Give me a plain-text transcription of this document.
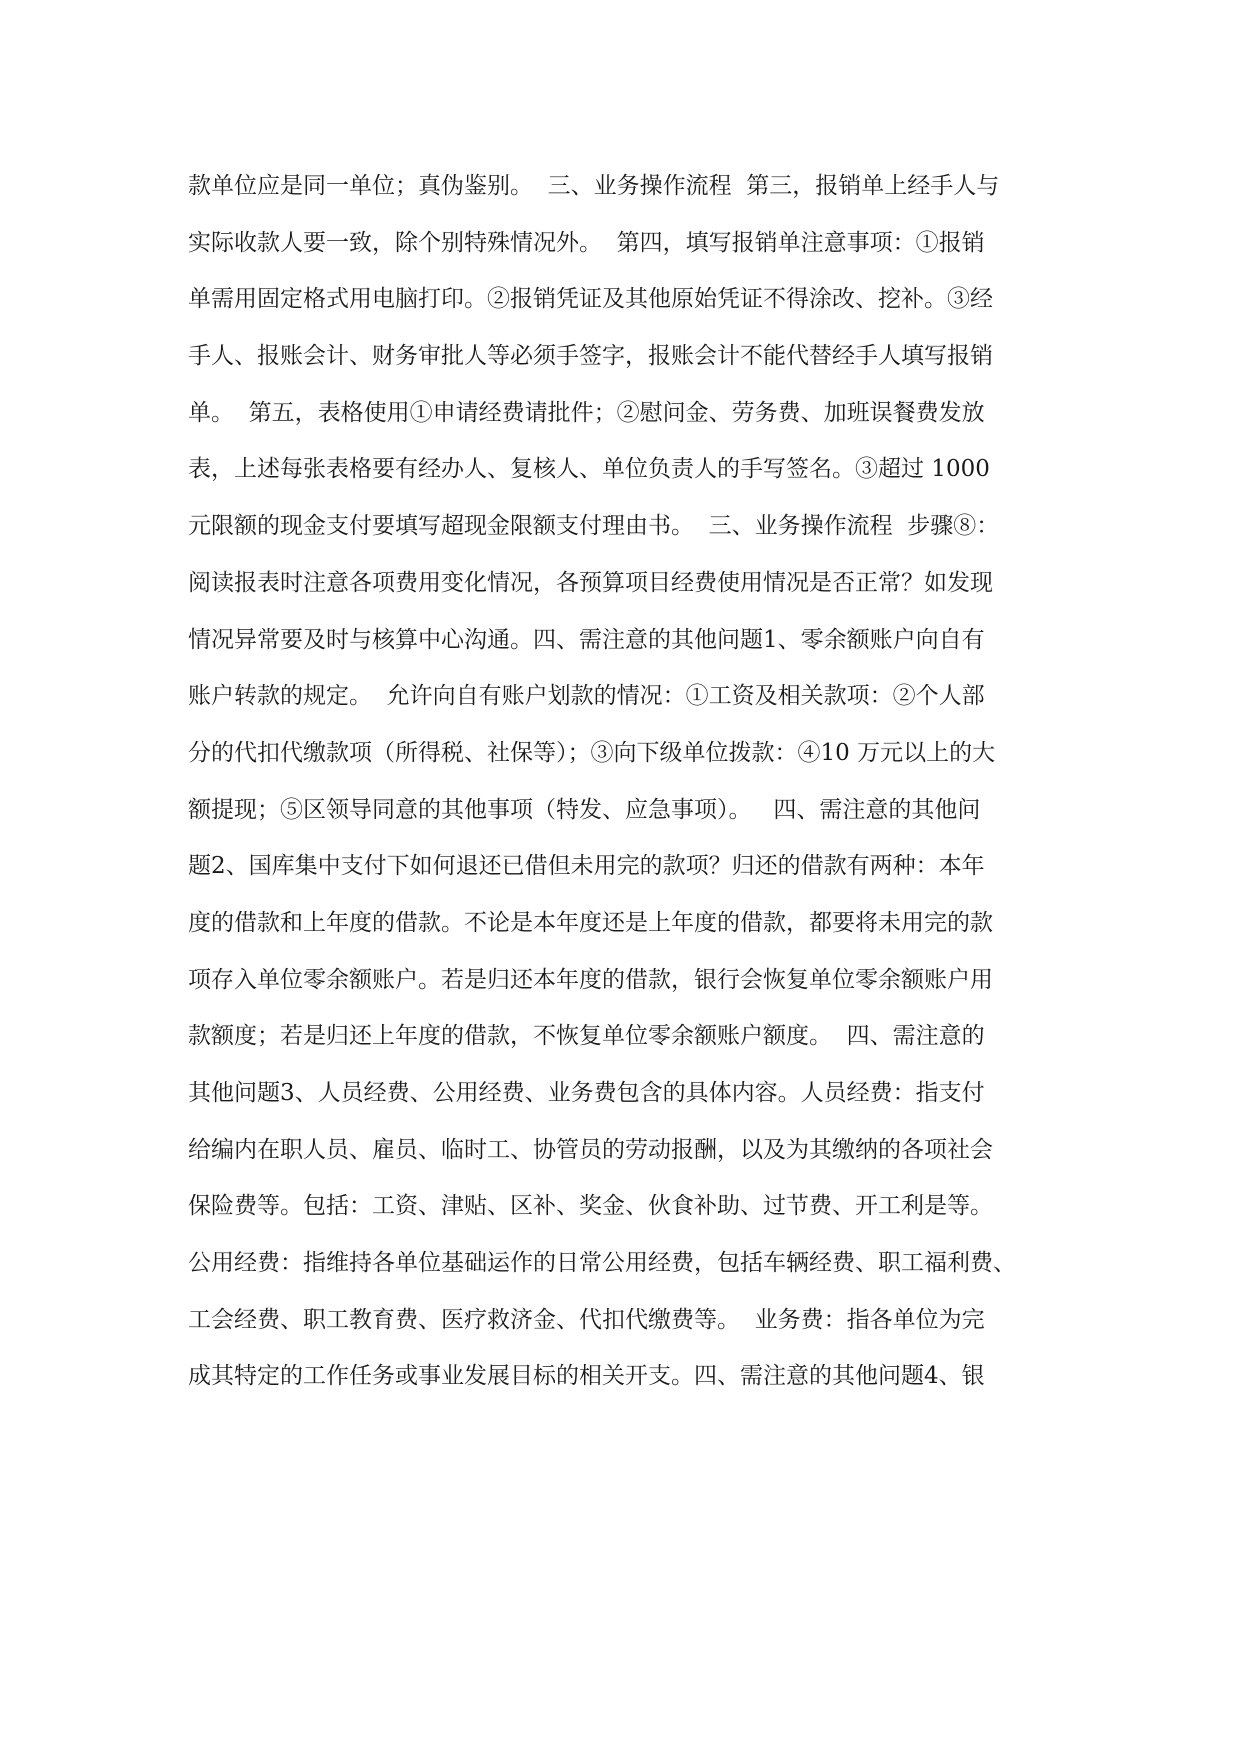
款单位应是同一单位；真伪鉴别。  三、业务操作流程  第三，报销单上经手人与
实际收款人要一致，除个别特殊情况外。  第四，填写报销单注意事项：①报销
单需用固定格式用电脑打印。②报销凭证及其他原始凭证不得涂改、挖补。③经
手人、报账会计、财务审批人等必须手签字，报账会计不能代替经手人填写报销
单。  第五，表格使用①申请经费请批件；②慰问金、劳务费、加班误餐费发放
表，上述每张表格要有经办人、复核人、单位负责人的手写签名。③超过 1000
元限额的现金支付要填写超现金限额支付理由书。  三、业务操作流程  步骤⑧：
阅读报表时注意各项费用变化情况，各预算项目经费使用情况是否正常？如发现
情况异常要及时与核算中心沟通。四、需注意的其他问题1、零余额账户向自有
账户转款的规定。  允许向自有账户划款的情况：①工资及相关款项：②个人部
分的代扣代缴款项（所得税、社保等）；③向下级单位拨款：④10 万元以上的大
额提现；⑤区领导同意的其他事项（特发、应急事项）。   四、需注意的其他问
题2、国库集中支付下如何退还已借但未用完的款项？归还的借款有两种：本年
度的借款和上年度的借款。不论是本年度还是上年度的借款，都要将未用完的款
项存入单位零余额账户。若是归还本年度的借款，银行会恢复单位零余额账户用
款额度；若是归还上年度的借款，不恢复单位零余额账户额度。  四、需注意的
其他问题3、人员经费、公用经费、业务费包含的具体内容。人员经费：指支付
给编内在职人员、雇员、临时工、协管员的劳动报酬，以及为其缴纳的各项社会
保险费等。包括：工资、津贴、区补、奖金、伙食补助、过节费、开工利是等。
公用经费：指维持各单位基础运作的日常公用经费，包括车辆经费、职工福利费、
工会经费、职工教育费、医疗救济金、代扣代缴费等。  业务费：指各单位为完
成其特定的工作任务或事业发展目标的相关开支。四、需注意的其他问题4、银
